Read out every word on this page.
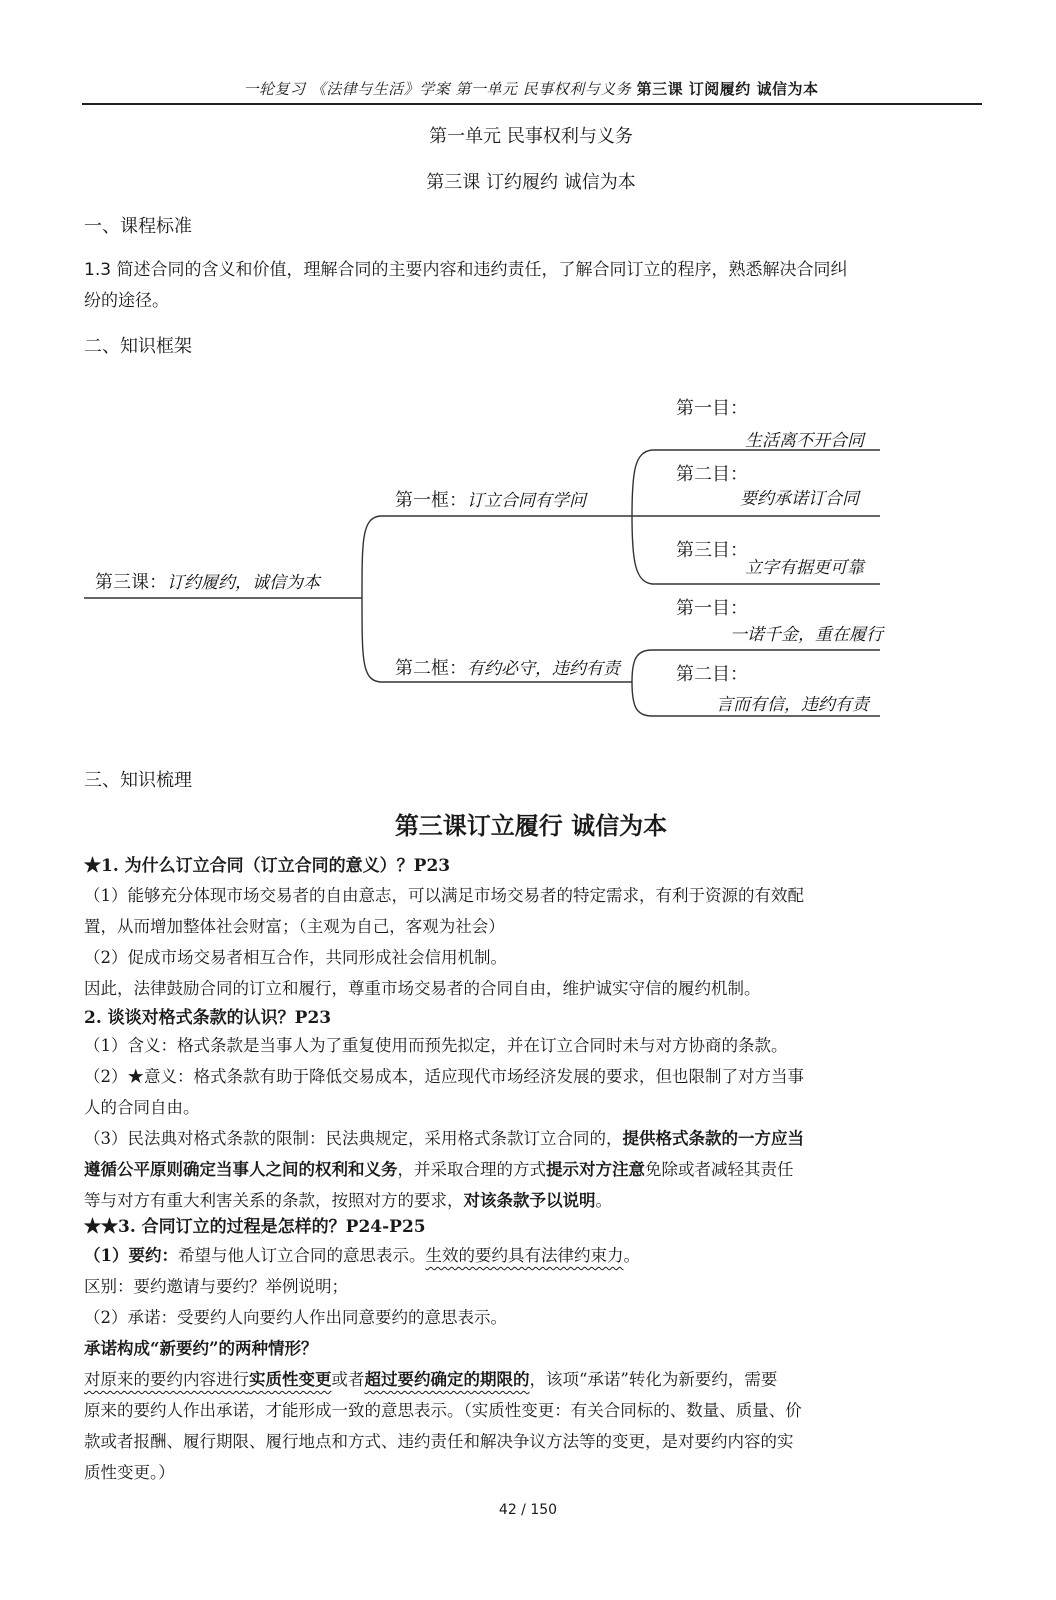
一轮复习 《法律与生活》学案 第一单元 民事权利与义务 第三课 订阅履约 诚信为本
第一单元 民事权利与义务
第三课 订约履约 诚信为本
一、课程标准
1.3 简述合同的含义和价值，理解合同的主要内容和违约责任，了解合同订立的程序，熟悉解决合同纠
纷的途径。
二、知识框架
第三课：订约履约，诚信为本
第一框：订立合同有学问
第二框：有约必守，违约有责
第一目：
生活离不开合同
第二目：
要约承诺订合同
第三目：
立字有据更可靠
第一目：
一诺千金，重在履行
第二目：
言而有信，违约有责
三、知识梳理
第三课订立履行 诚信为本
★1. 为什么订立合同（订立合同的意义）？P23
（1）能够充分体现市场交易者的自由意志，可以满足市场交易者的特定需求，有利于资源的有效配
置，从而增加整体社会财富；（主观为自己，客观为社会）
（2）促成市场交易者相互合作，共同形成社会信用机制。
因此，法律鼓励合同的订立和履行，尊重市场交易者的合同自由，维护诚实守信的履约机制。
2. 谈谈对格式条款的认识？P23
（1）含义：格式条款是当事人为了重复使用而预先拟定，并在订立合同时未与对方协商的条款。
（2）★意义：格式条款有助于降低交易成本，适应现代市场经济发展的要求，但也限制了对方当事
人的合同自由。
（3）民法典对格式条款的限制：民法典规定，采用格式条款订立合同的，提供格式条款的一方应当
遵循公平原则确定当事人之间的权利和义务，并采取合理的方式提示对方注意免除或者减轻其责任
等与对方有重大利害关系的条款，按照对方的要求，对该条款予以说明。
★★3. 合同订立的过程是怎样的？P24-P25
（1）要约：希望与他人订立合同的意思表示。生效的要约具有法律约束力。
区别：要约邀请与要约？举例说明；
（2）承诺：受要约人向要约人作出同意要约的意思表示。
承诺构成“新要约”的两种情形？
对原来的要约内容进行实质性变更或者超过要约确定的期限的，该项“承诺”转化为新要约，需要
原来的要约人作出承诺，才能形成一致的意思表示。（实质性变更：有关合同标的、数量、质量、价
款或者报酬、履行期限、履行地点和方式、违约责任和解决争议方法等的变更，是对要约内容的实
质性变更。）
42 / 150
